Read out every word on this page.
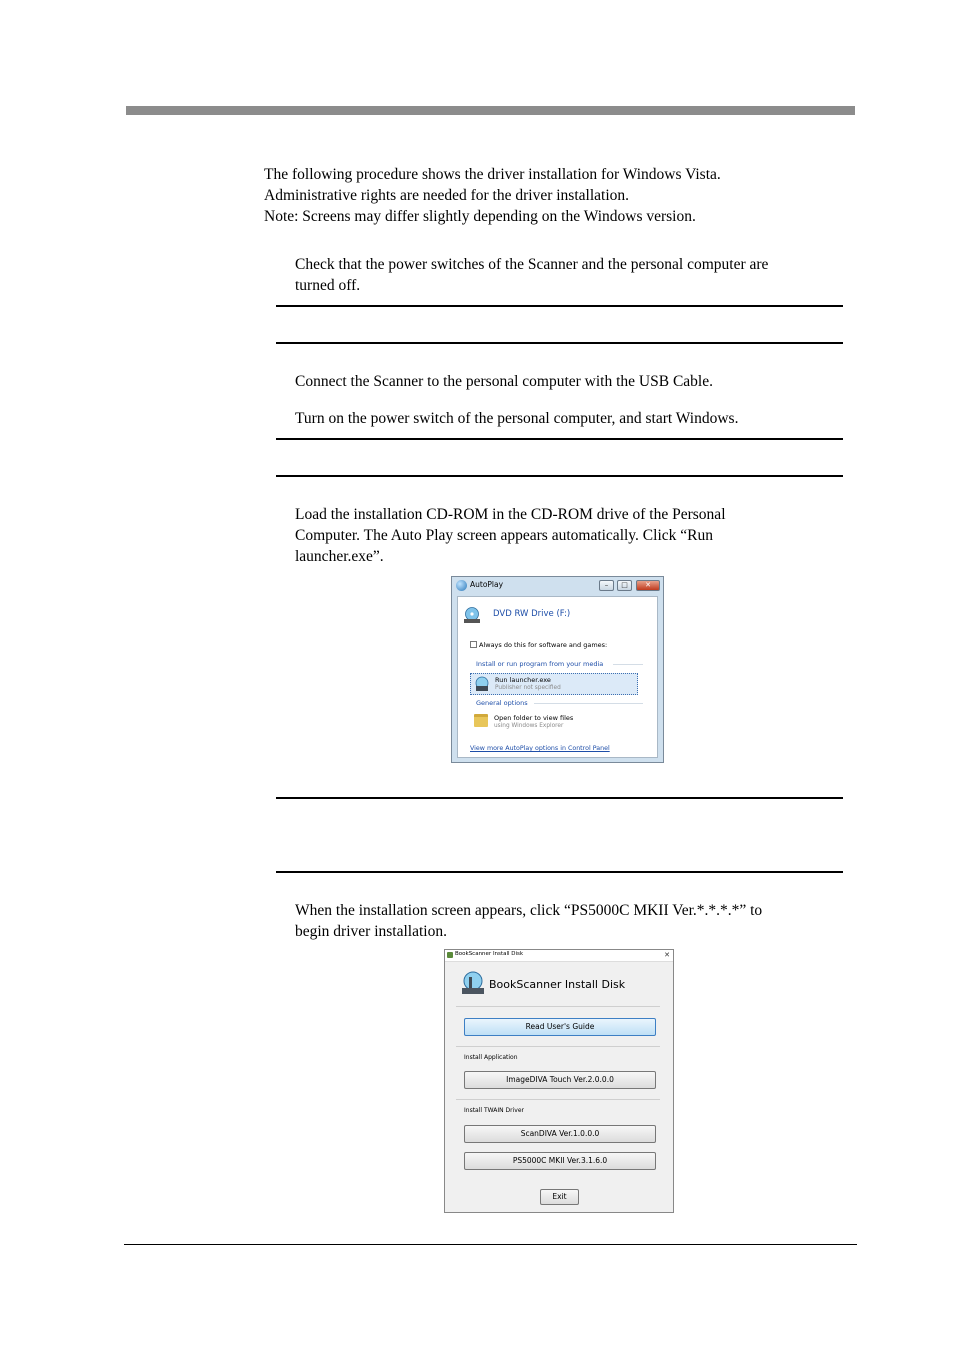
The following procedure shows the driver installation for Windows Vista.
Administrative rights are needed for the driver installation.
Note: Screens may differ slightly depending on the Windows version.
Check that the power switches of the Scanner and the personal computer are
turned off.
Connect the Scanner to the personal computer with the USB Cable.
Turn on the power switch of the personal computer, and start Windows.
Load the installation CD-ROM in the CD-ROM drive of the Personal
Computer. The Auto Play screen appears automatically. Click “Run
launcher.exe”.
AutoPlay	–	□	✕
DVD RW Drive (F:)
Always do this for software and games:
Install or run program from your media
Run launcher.exe
Publisher not specified
General options
Open folder to view files
using Windows Explorer
View more AutoPlay options in Control Panel
When the installation screen appears, click “PS5000C MKII Ver.*.*.*.*” to
begin driver installation.
BookScanner Install Disk	✕
BookScanner Install Disk
Read User's Guide
Install Application
ImageDIVA Touch Ver.2.0.0.0
Install TWAIN Driver
ScanDIVA Ver.1.0.0.0
PS5000C MKII Ver.3.1.6.0
Exit
